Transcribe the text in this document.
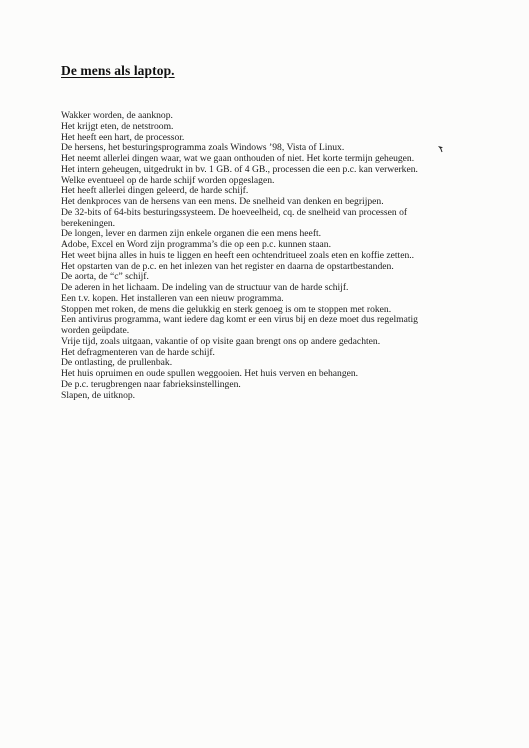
De mens als laptop.
Wakker worden, de aanknop.
Het krijgt eten, de netstroom.
Het heeft een hart, de processor.
De hersens, het besturingsprogramma zoals Windows ’98, Vista of Linux.
Het neemt allerlei dingen waar, wat we gaan onthouden of niet. Het korte termijn geheugen.
Het intern geheugen, uitgedrukt in bv. 1 GB. of 4 GB., processen die een p.c. kan verwerken.
Welke eventueel op de harde schijf worden opgeslagen.
Het heeft allerlei dingen geleerd, de harde schijf.
Het denkproces van de hersens van een mens. De snelheid van denken en begrijpen.
De 32-bits of 64-bits besturingssysteem. De hoeveelheid, cq. de snelheid van processen of
berekeningen.
De longen, lever en darmen zijn enkele organen die een mens heeft.
Adobe, Excel en Word zijn programma’s die op een p.c. kunnen staan.
Het weet bijna alles in huis te liggen en heeft een ochtendritueel zoals eten en koffie zetten..
Het opstarten van de p.c. en het inlezen van het register en daarna de opstartbestanden.
De aorta, de “c” schijf.
De aderen in het lichaam. De indeling van de structuur van de harde schijf.
Een t.v. kopen. Het installeren van een nieuw programma.
Stoppen met roken, de mens die gelukkig en sterk genoeg is om te stoppen met roken.
Een antivirus programma, want iedere dag komt er een virus bij en deze moet dus regelmatig
worden geüpdate.
Vrije tijd, zoals uitgaan, vakantie of op visite gaan brengt ons op andere gedachten.
Het defragmenteren van de harde schijf.
De ontlasting, de prullenbak.
Het huis opruimen en oude spullen weggooien. Het huis verven en behangen.
De p.c. terugbrengen naar fabrieksinstellingen.
Slapen, de uitknop.
